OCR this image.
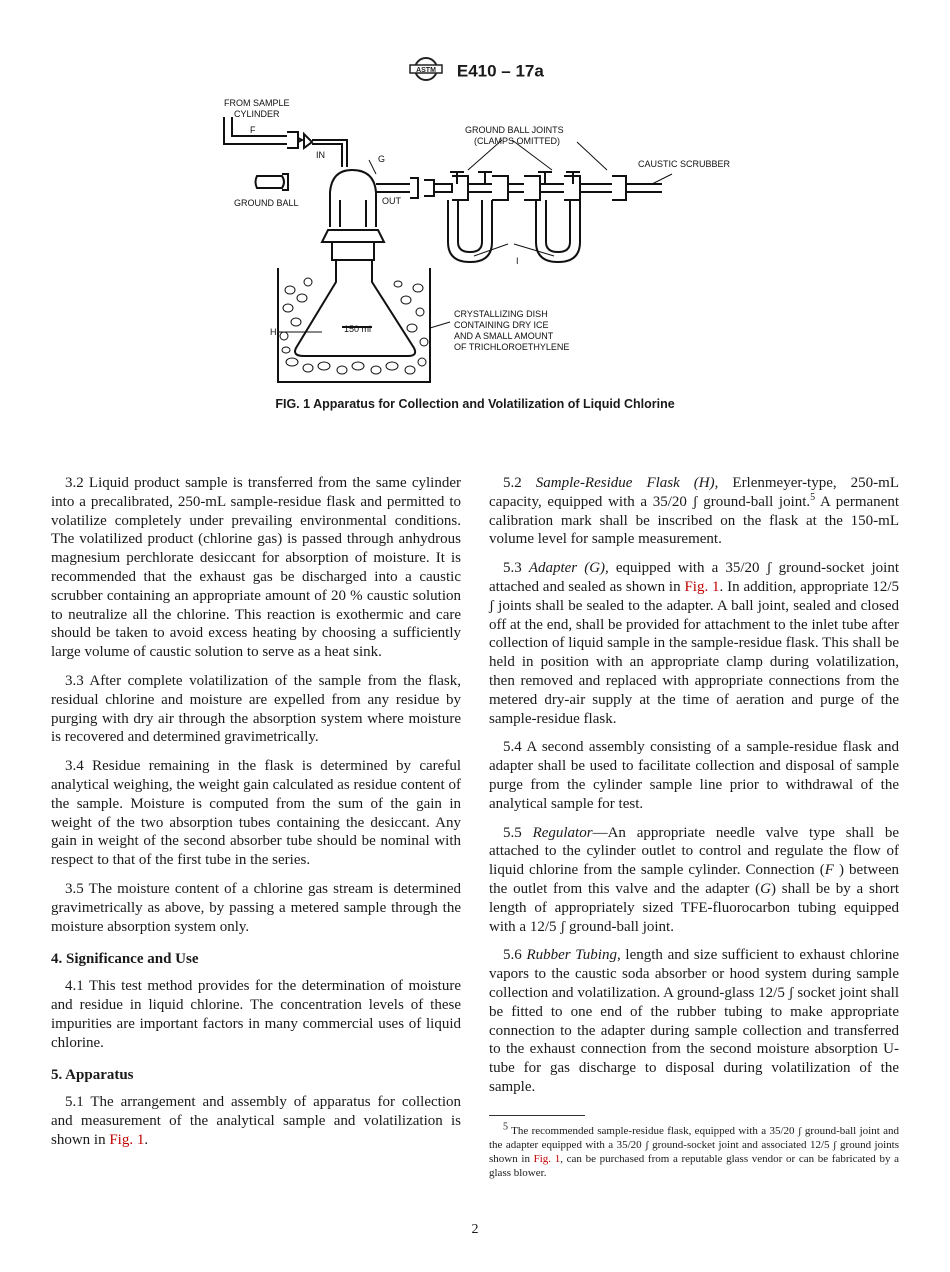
ASTM E410 – 17a
FROM SAMPLE
CYLINDER
F
IN	G
GROUND BALL	OUT
GROUND BALL JOINTS
(CLAMPS OMITTED)
CAUSTIC SCRUBBER
I
H	150 ml
CRYSTALLIZING DISH
CONTAINING DRY ICE
AND A SMALL AMOUNT
OF TRICHLOROETHYLENE
FIG. 1 Apparatus for Collection and Volatilization of Liquid Chlorine

3.2 Liquid product sample is transferred from the same cylinder into a precalibrated, 250-mL sample-residue flask and permitted to volatilize completely under prevailing environmental conditions. The volatilized product (chlorine gas) is passed through anhydrous magnesium perchlorate desiccant for absorption of moisture. It is recommended that the exhaust gas be discharged into a caustic scrubber containing an appropriate amount of 20 % caustic solution to neutralize all the chlorine. This reaction is exothermic and care should be taken to avoid excess heating by choosing a sufficiently large volume of caustic solution to serve as a heat sink.

3.3 After complete volatilization of the sample from the flask, residual chlorine and moisture are expelled from any residue by purging with dry air through the absorption system where moisture is recovered and determined gravimetrically.

3.4 Residue remaining in the flask is determined by careful analytical weighing, the weight gain calculated as residue content of the sample. Moisture is computed from the sum of the gain in weight of the two absorption tubes containing the desiccant. Any gain in weight of the second absorber tube should be nominal with respect to that of the first tube in the series.

3.5 The moisture content of a chlorine gas stream is determined gravimetrically as above, by passing a metered sample through the moisture absorption system only.

4. Significance and Use

4.1 This test method provides for the determination of moisture and residue in liquid chlorine. The concentration levels of these impurities are important factors in many commercial uses of liquid chlorine.

5. Apparatus

5.1 The arrangement and assembly of apparatus for collection and measurement of the analytical sample and volatilization is shown in Fig. 1.

5.2 Sample-Residue Flask (H), Erlenmeyer-type, 250-mL capacity, equipped with a 35/20 ʃ ground-ball joint.$^5$ A permanent calibration mark shall be inscribed on the flask at the 150-mL volume level for sample measurement.

5.3 Adapter (G), equipped with a 35/20 ʃ ground-socket joint attached and sealed as shown in Fig. 1. In addition, appropriate 12/5 ʃ joints shall be sealed to the adapter. A ball joint, sealed and closed off at the end, shall be provided for attachment to the inlet tube after collection of liquid sample in the sample-residue flask. This shall be held in position with an appropriate clamp during volatilization, then removed and replaced with appropriate connections from the metered dry-air supply at the time of aeration and purge of the sample-residue flask.

5.4 A second assembly consisting of a sample-residue flask and adapter shall be used to facilitate collection and disposal of sample purge from the cylinder sample line prior to withdrawal of the analytical sample for test.

5.5 Regulator—An appropriate needle valve type shall be attached to the cylinder outlet to control and regulate the flow of liquid chlorine from the sample cylinder. Connection (F ) between the outlet from this valve and the adapter (G) shall be by a short length of appropriately sized TFE-fluorocarbon tubing equipped with a 12/5 ʃ ground-ball joint.

5.6 Rubber Tubing, length and size sufficient to exhaust chlorine vapors to the caustic soda absorber or hood system during sample collection and volatilization. A ground-glass 12/5 ʃ socket joint shall be fitted to one end of the rubber tubing to make appropriate connection to the adapter during sample collection and transferred to the exhaust connection from the second moisture absorption U-tube for gas discharge to disposal during volatilization of the sample.

$^5$ The recommended sample-residue flask, equipped with a 35/20 ʃ ground-ball joint and the adapter equipped with a 35/20 ʃ ground-socket joint and associated 12/5 ʃ ground joints shown in Fig. 1, can be purchased from a reputable glass vendor or can be fabricated by a glass blower.

2
